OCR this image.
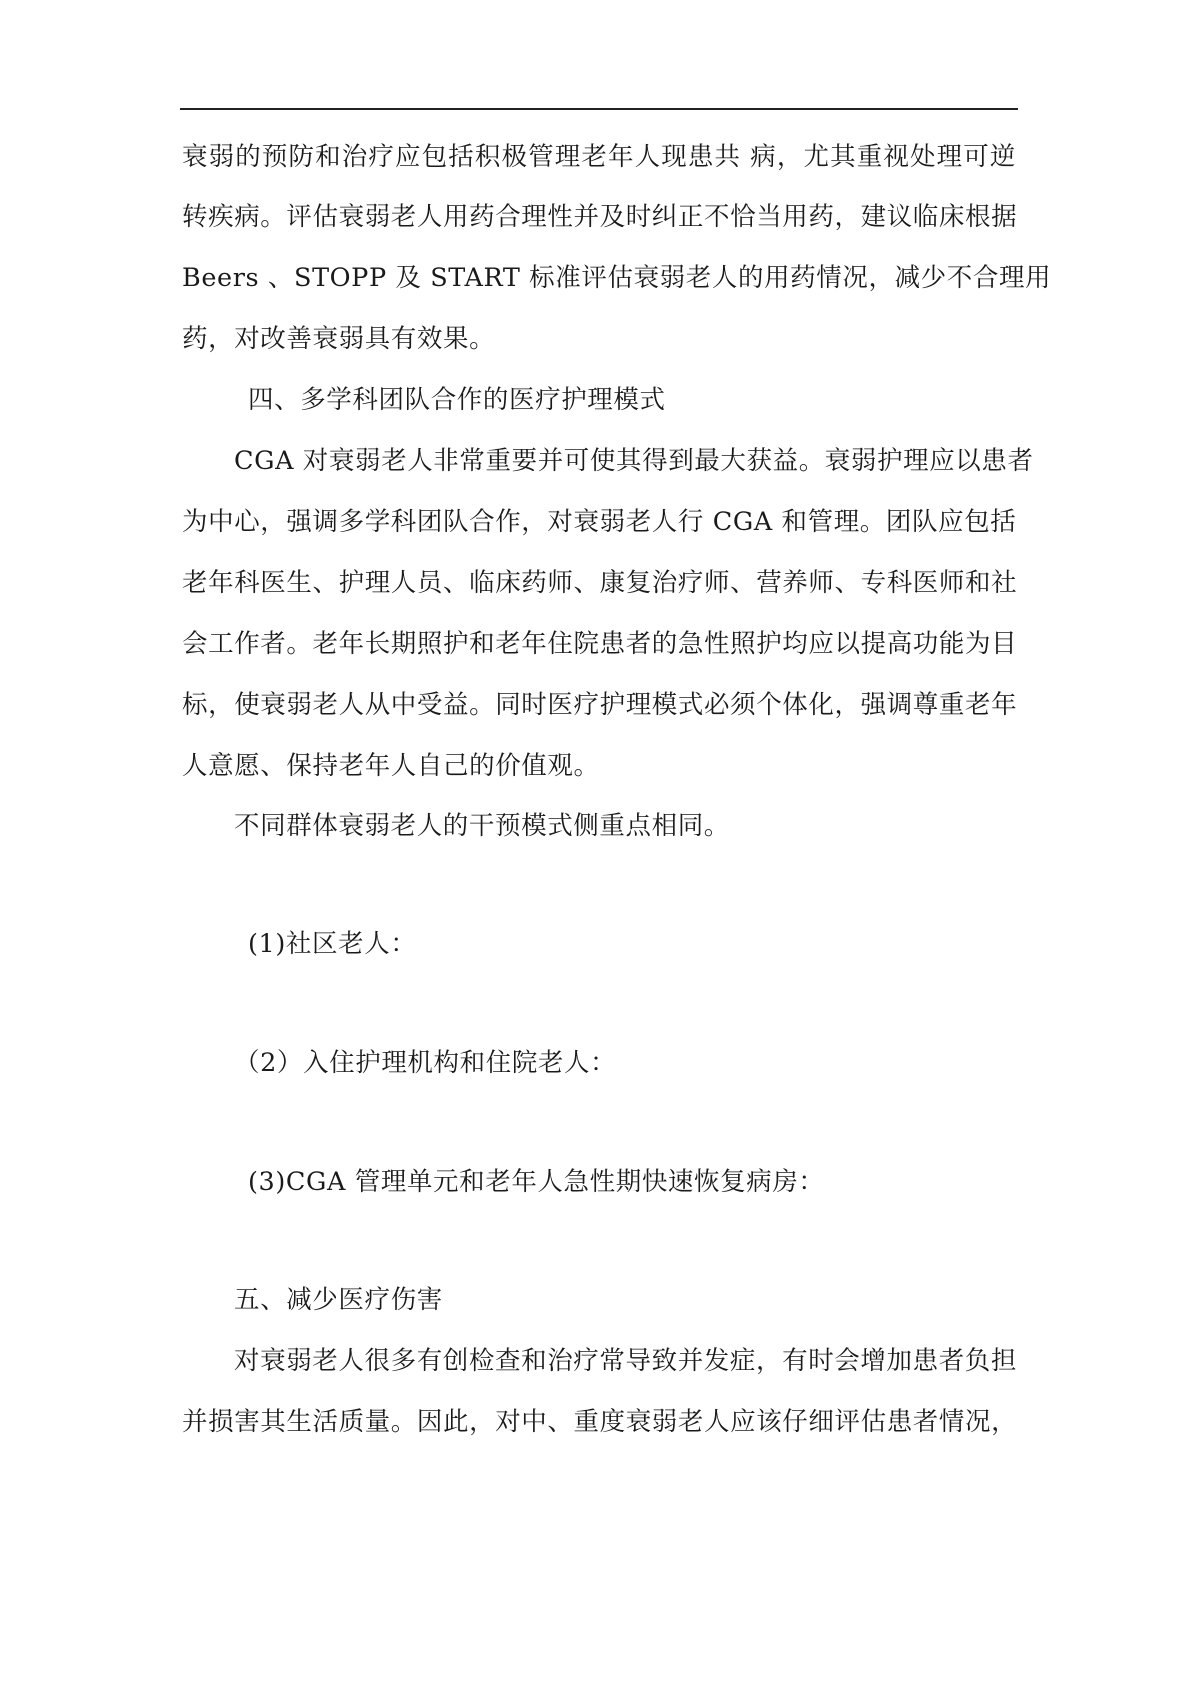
衰弱的预防和治疗应包括积极管理老年人现患共 病，尤其重视处理可逆
转疾病。评估衰弱老人用药合理性并及时纠正不恰当用药，建议临床根据
Beers 、STOPP 及 START 标准评估衰弱老人的用药情况，减少不合理用
药，对改善衰弱具有效果。
四、多学科团队合作的医疗护理模式
CGA 对衰弱老人非常重要并可使其得到最大获益。衰弱护理应以患者
为中心，强调多学科团队合作，对衰弱老人行 CGA 和管理。团队应包括
老年科医生、护理人员、临床药师、康复治疗师、营养师、专科医师和社
会工作者。老年长期照护和老年住院患者的急性照护均应以提高功能为目
标，使衰弱老人从中受益。同时医疗护理模式必须个体化，强调尊重老年
人意愿、保持老年人自己的价值观。
不同群体衰弱老人的干预模式侧重点相同。
(1)社区老人：
（2）入住护理机构和住院老人：
(3)CGA 管理单元和老年人急性期快速恢复病房：
五、减少医疗伤害
对衰弱老人很多有创检查和治疗常导致并发症，有时会增加患者负担
并损害其生活质量。因此，对中、重度衰弱老人应该仔细评估患者情况，
